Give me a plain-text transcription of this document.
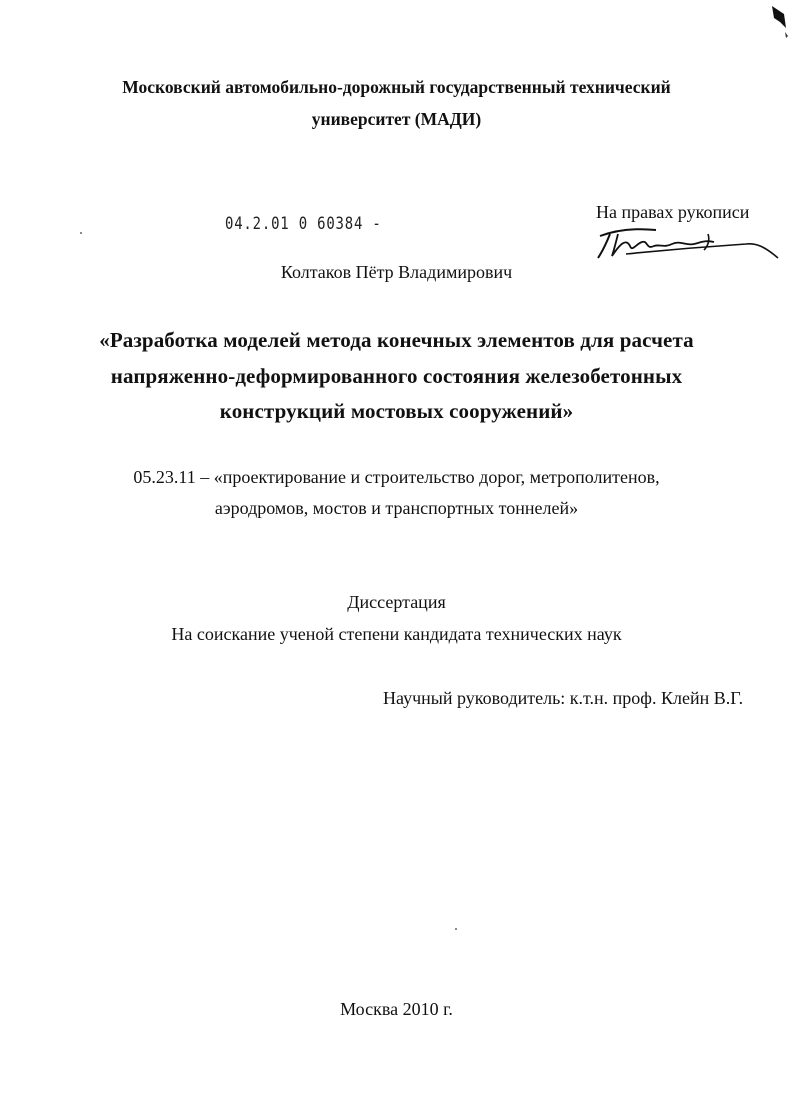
Московский автомобильно-дорожный государственный технический
университет (МАДИ)
04.2.01 0 60384 -
На правах рукописи
Колтаков Пётр Владимирович
«Разработка моделей метода конечных элементов для расчета
напряженно-деформированного состояния железобетонных
конструкций мостовых сооружений»
05.23.11 – «проектирование и строительство дорог, метрополитенов,
аэродромов, мостов и транспортных тоннелей»
Диссертация
На соискание ученой степени кандидата технических наук
Научный руководитель: к.т.н. проф. Клейн В.Г.
Москва 2010 г.
